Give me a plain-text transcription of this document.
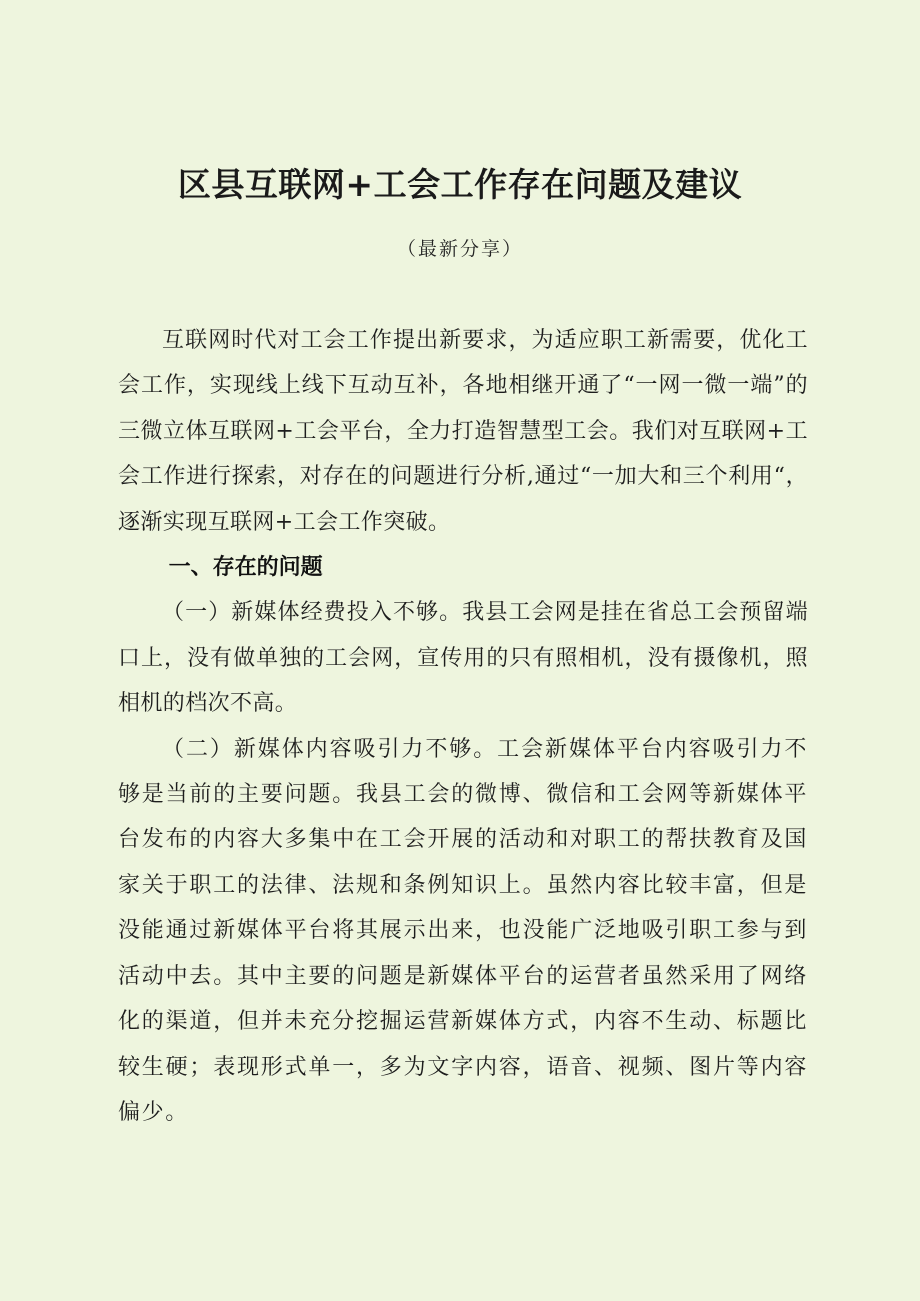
区县互联网+工会工作存在问题及建议

（最新分享）

互联网时代对工会工作提出新要求，为适应职工新需要，优化工会工作，实现线上线下互动互补，各地相继开通了“一网一微一端”的三微立体互联网+工会平台，全力打造智慧型工会。我们对互联网+工会工作进行探索，对存在的问题进行分析,通过“一加大和三个利用“，逐渐实现互联网+工会工作突破。

一、存在的问题

（一）新媒体经费投入不够。我县工会网是挂在省总工会预留端口上，没有做单独的工会网，宣传用的只有照相机，没有摄像机，照相机的档次不高。

（二）新媒体内容吸引力不够。工会新媒体平台内容吸引力不够是当前的主要问题。我县工会的微博、微信和工会网等新媒体平台发布的内容大多集中在工会开展的活动和对职工的帮扶教育及国家关于职工的法律、法规和条例知识上。虽然内容比较丰富，但是没能通过新媒体平台将其展示出来，也没能广泛地吸引职工参与到活动中去。其中主要的问题是新媒体平台的运营者虽然采用了网络化的渠道，但并未充分挖掘运营新媒体方式，内容不生动、标题比较生硬；表现形式单一，多为文字内容，语音、视频、图片等内容偏少。
